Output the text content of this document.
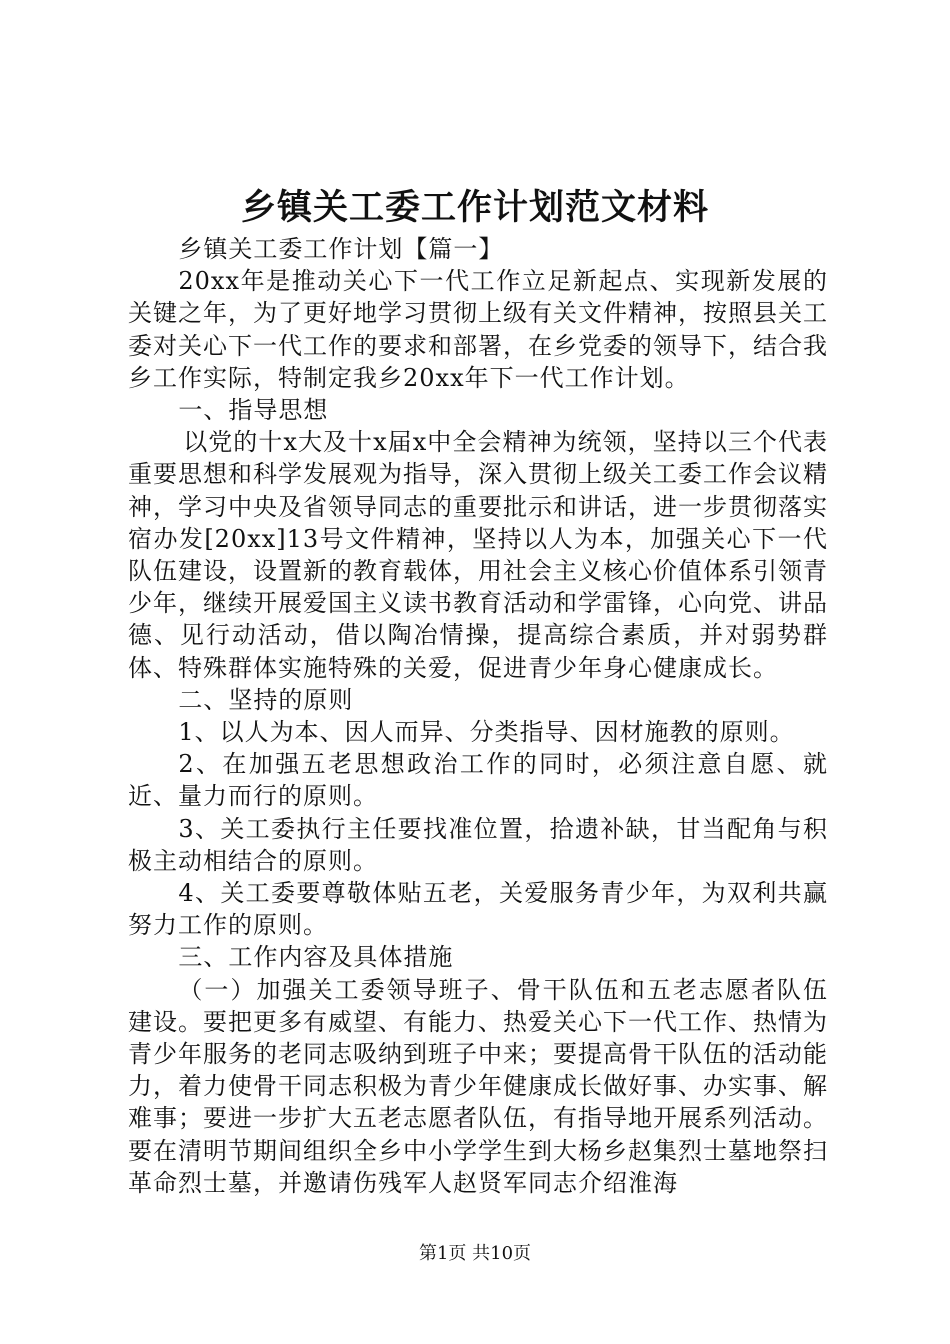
乡镇关工委工作计划范文材料

乡镇关工委工作计划【篇一】

20xx年是推动关心下一代工作立足新起点、实现新发展的关键之年，为了更好地学习贯彻上级有关文件精神，按照县关工委对关心下一代工作的要求和部署，在乡党委的领导下，结合我乡工作实际，特制定我乡20xx年下一代工作计划。

一、指导思想

以党的十x大及十x届x中全会精神为统领，坚持以三个代表重要思想和科学发展观为指导，深入贯彻上级关工委工作会议精神，学习中央及省领导同志的重要批示和讲话，进一步贯彻落实宿办发[20xx]13号文件精神，坚持以人为本，加强关心下一代队伍建设，设置新的教育载体，用社会主义核心价值体系引领青少年，继续开展爱国主义读书教育活动和学雷锋，心向党、讲品德、见行动活动，借以陶冶情操，提高综合素质，并对弱势群体、特殊群体实施特殊的关爱，促进青少年身心健康成长。

二、坚持的原则

1、以人为本、因人而异、分类指导、因材施教的原则。

2、在加强五老思想政治工作的同时，必须注意自愿、就近、量力而行的原则。

3、关工委执行主任要找准位置，拾遗补缺，甘当配角与积极主动相结合的原则。

4、关工委要尊敬体贴五老，关爱服务青少年，为双利共赢努力工作的原则。

三、工作内容及具体措施

（一）加强关工委领导班子、骨干队伍和五老志愿者队伍建设。要把更多有威望、有能力、热爱关心下一代工作、热情为青少年服务的老同志吸纳到班子中来；要提高骨干队伍的活动能力，着力使骨干同志积极为青少年健康成长做好事、办实事、解难事；要进一步扩大五老志愿者队伍，有指导地开展系列活动。要在清明节期间组织全乡中小学学生到大杨乡赵集烈士墓地祭扫革命烈士墓，并邀请伤残军人赵贤军同志介绍淮海

第1页 共10页
